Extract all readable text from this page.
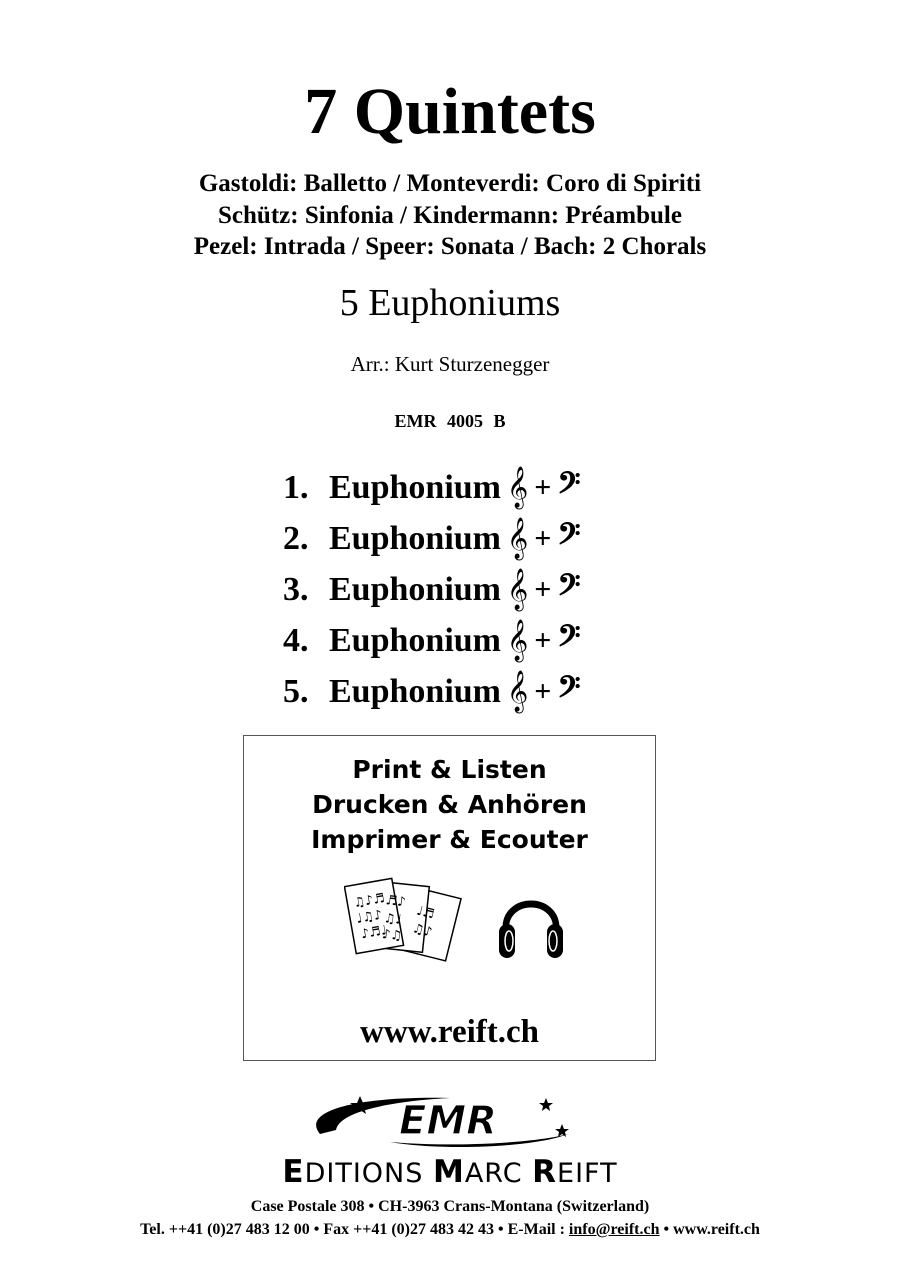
7 Quintets
Gastoldi: Balletto / Monteverdi: Coro di Spiriti
Schütz: Sinfonia / Kindermann: Préambule
Pezel: Intrada / Speer: Sonata / Bach: 2 Chorals
5 Euphoniums
Arr.: Kurt Sturzenegger
EMR 4005 B
1. Euphonium 𝄞 + 𝄢
2. Euphonium 𝄞 + 𝄢
3. Euphonium 𝄞 + 𝄢
4. Euphonium 𝄞 + 𝄢
5. Euphonium 𝄞 + 𝄢
Print & Listen
Drucken & Anhören
Imprimer & Ecouter
♫♪♬
♩♫♪
♪♬♩
♬♪
♫♩
♪♫
♩♬
♫♪
www.reift.ch
EMR
EDITIONS MARC REIFT
Case Postale 308 • CH-3963 Crans-Montana (Switzerland)
Tel. ++41 (0)27 483 12 00 • Fax ++41 (0)27 483 42 43 • E-Mail : info@reift.ch • www.reift.ch
